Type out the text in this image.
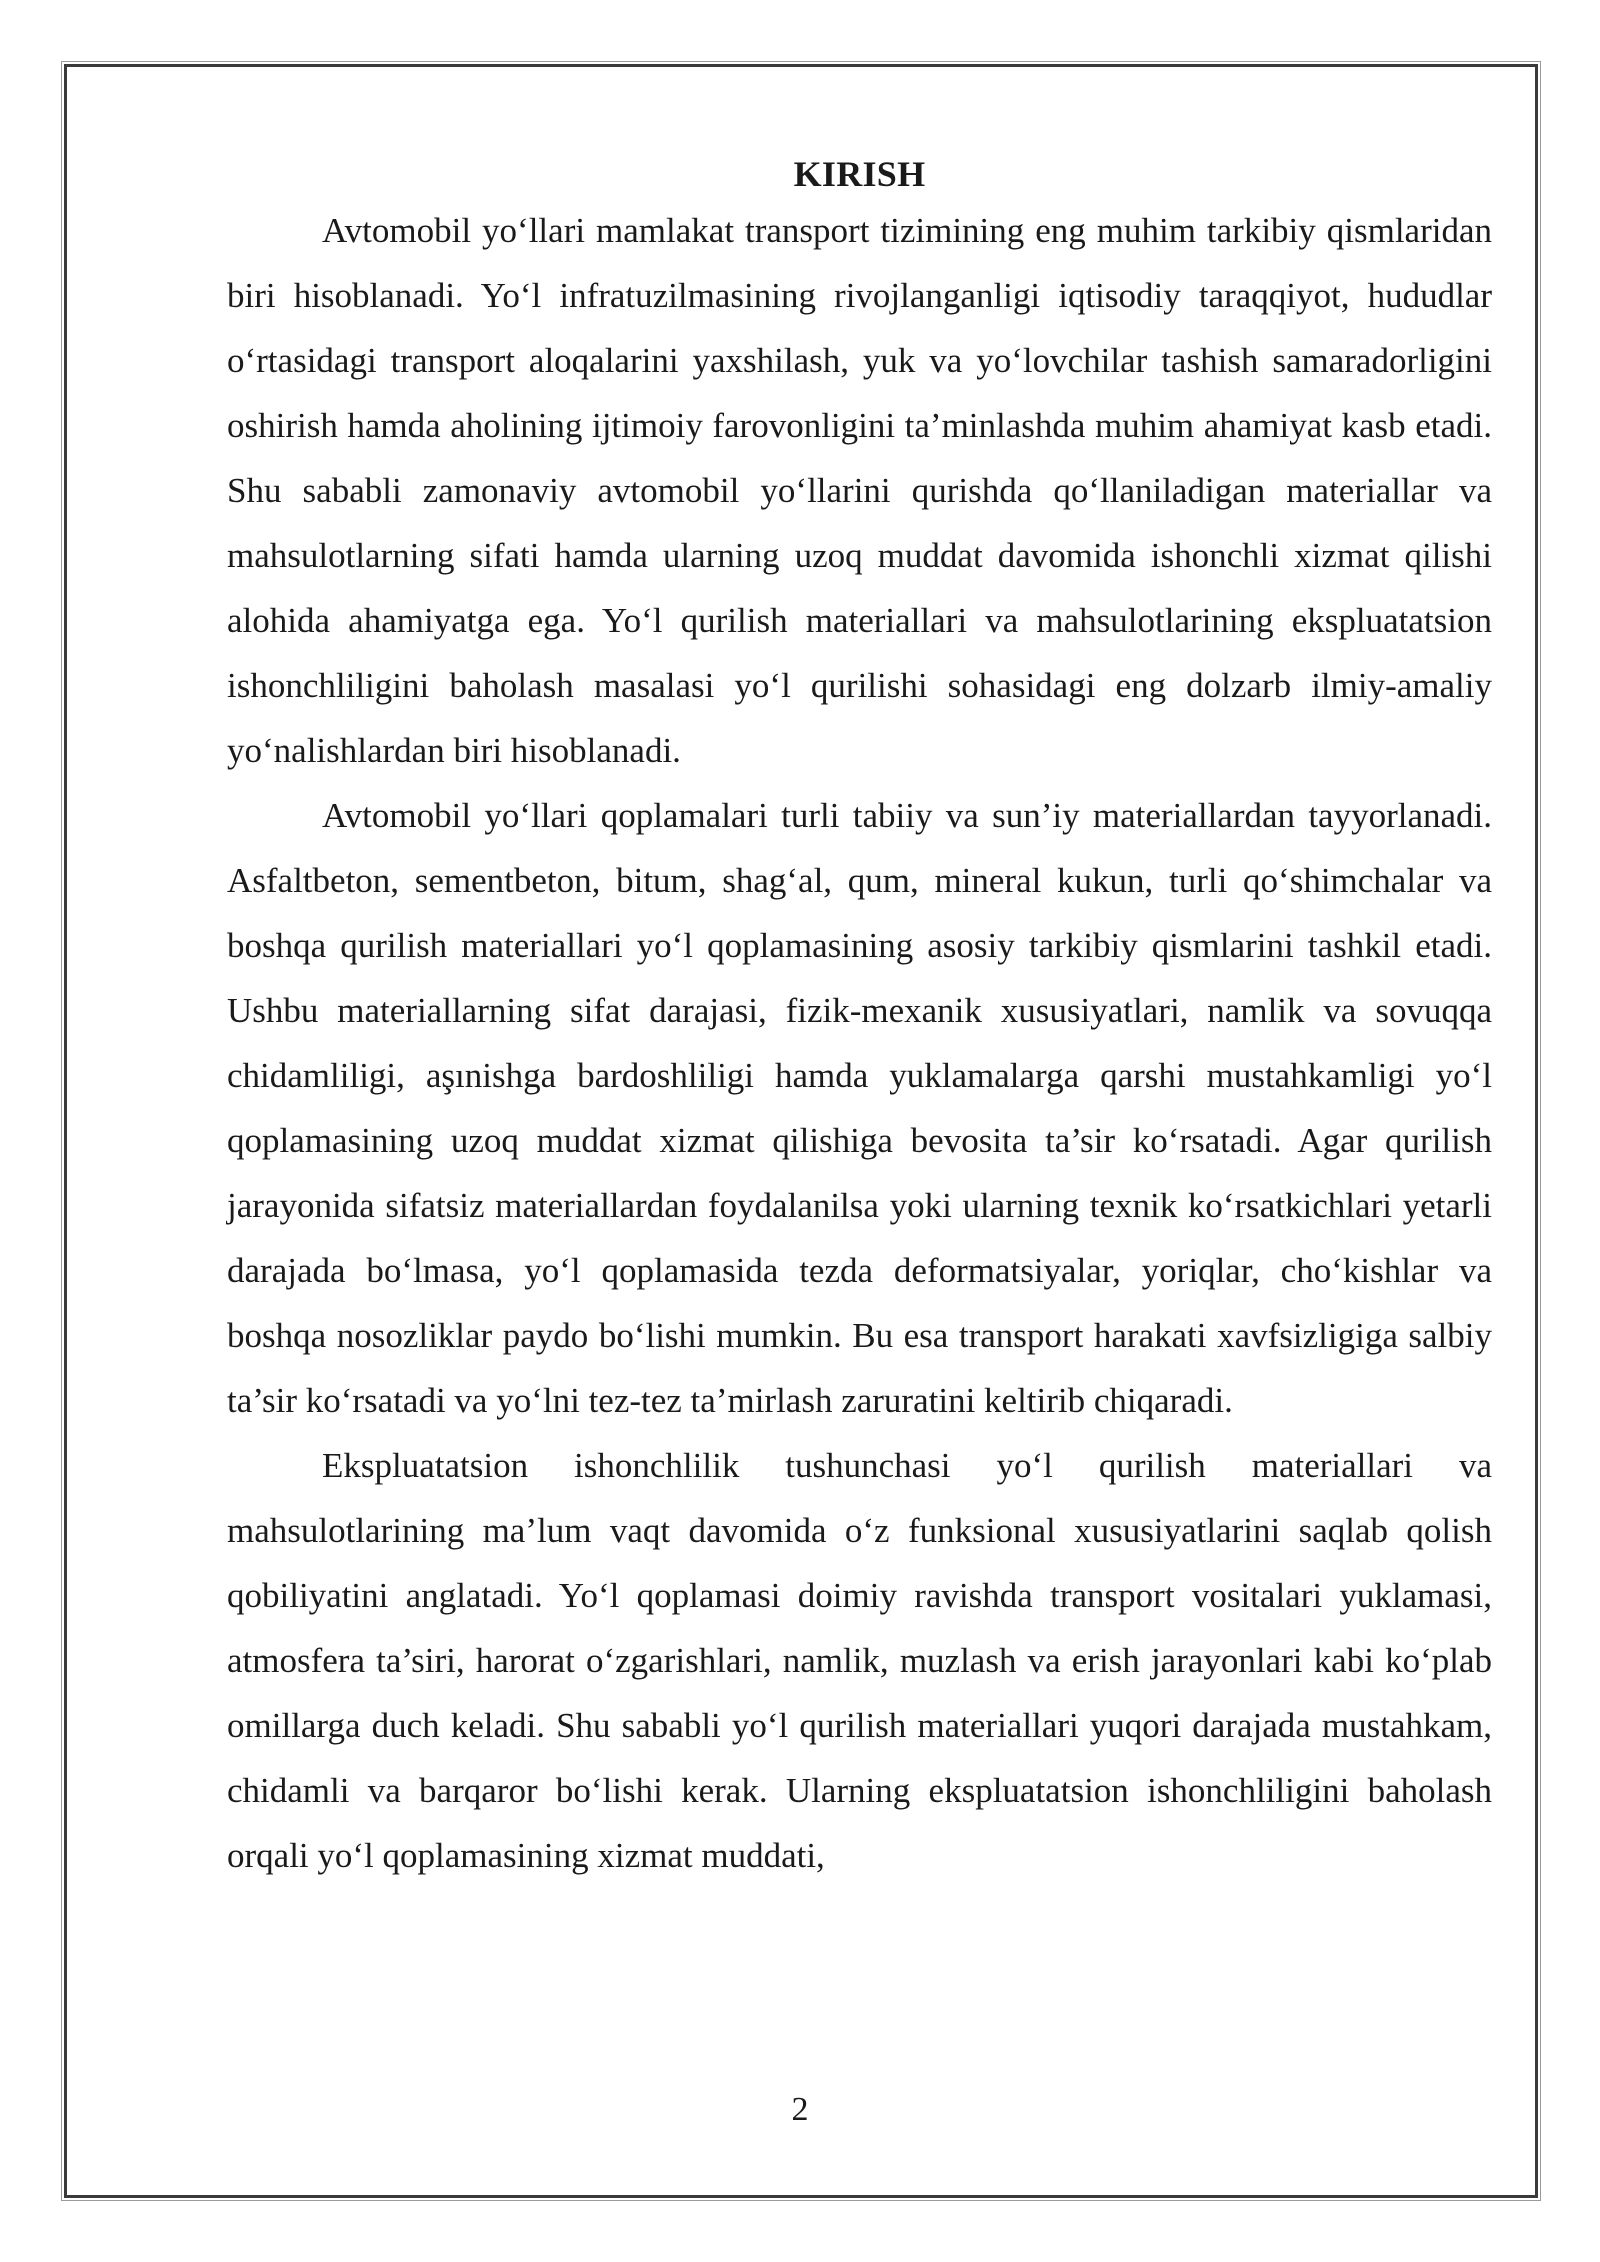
KIRISH

Avtomobil yo‘llari mamlakat transport tizimining eng muhim tarkibiy qismlaridan biri hisoblanadi. Yo‘l infratuzilmasining rivojlanganligi iqtisodiy taraqqiyot, hududlar o‘rtasidagi transport aloqalarini yaxshilash, yuk va yo‘lovchilar tashish samaradorligini oshirish hamda aholining ijtimoiy farovonligini ta’minlashda muhim ahamiyat kasb etadi. Shu sababli zamonaviy avtomobil yo‘llarini qurishda qo‘llaniladigan materiallar va mahsulotlarning sifati hamda ularning uzoq muddat davomida ishonchli xizmat qilishi alohida ahamiyatga ega. Yo‘l qurilish materiallari va mahsulotlarining ekspluatatsion ishonchliligini baholash masalasi yo‘l qurilishi sohasidagi eng dolzarb ilmiy-amaliy yo‘nalishlardan biri hisoblanadi.

Avtomobil yo‘llari qoplamalari turli tabiiy va sun’iy materiallardan tayyorlanadi. Asfaltbeton, sementbeton, bitum, shag‘al, qum, mineral kukun, turli qo‘shimchalar va boshqa qurilish materiallari yo‘l qoplamasining asosiy tarkibiy qismlarini tashkil etadi. Ushbu materiallarning sifat darajasi, fizik-mexanik xususiyatlari, namlik va sovuqqa chidamliligi, aşınishga bardoshliligi hamda yuklamalarga qarshi mustahkamligi yo‘l qoplamasining uzoq muddat xizmat qilishiga bevosita ta’sir ko‘rsatadi. Agar qurilish jarayonida sifatsiz materiallardan foydalanilsa yoki ularning texnik ko‘rsatkichlari yetarli darajada bo‘lmasa, yo‘l qoplamasida tezda deformatsiyalar, yoriqlar, cho‘kishlar va boshqa nosozliklar paydo bo‘lishi mumkin. Bu esa transport harakati xavfsizligiga salbiy ta’sir ko‘rsatadi va yo‘lni tez-tez ta’mirlash zaruratini keltirib chiqaradi.

Ekspluatatsion ishonchlilik tushunchasi yo‘l qurilish materiallari va mahsulotlarining ma’lum vaqt davomida o‘z funksional xususiyatlarini saqlab qolish qobiliyatini anglatadi. Yo‘l qoplamasi doimiy ravishda transport vositalari yuklamasi, atmosfera ta’siri, harorat o‘zgarishlari, namlik, muzlash va erish jarayonlari kabi ko‘plab omillarga duch keladi. Shu sababli yo‘l qurilish materiallari yuqori darajada mustahkam, chidamli va barqaror bo‘lishi kerak. Ularning ekspluatatsion ishonchliligini baholash orqali yo‘l qoplamasining xizmat muddati,

2
